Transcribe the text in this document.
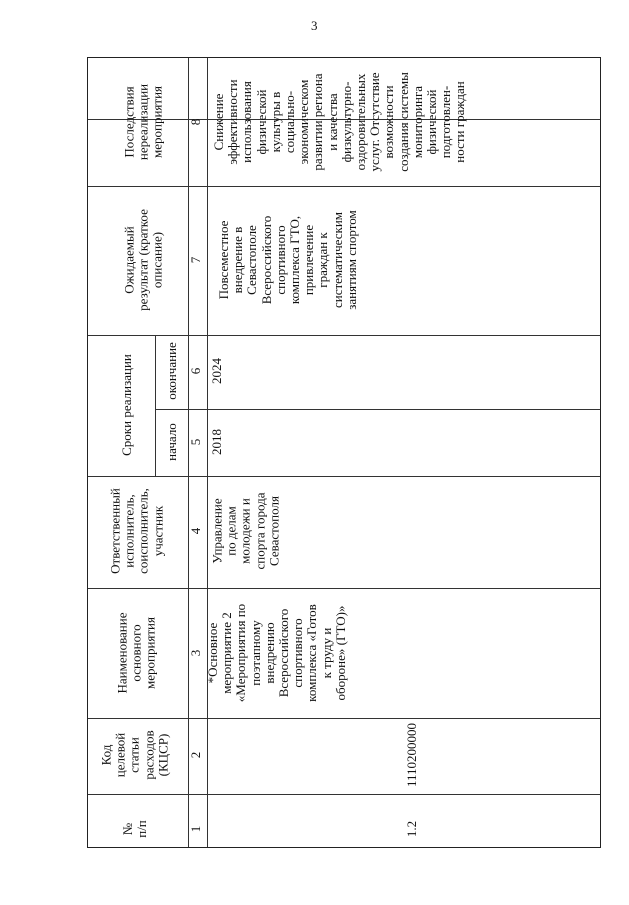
3
Последствия
нереализации
мероприятия
Ожидаемый
результат (краткое
описание)
Сроки реализации окончание
начало
Ответственный
исполнитель,
соисполнитель,
участник
Наименование
основного
мероприятия
Код
целевой
статьи
расходов
(КЦСР)
№
п/п
8
7
6
5
4
3
2
1
Снижение
эффективности
использования
физической
культуры в
социально-
экономическом
развитии региона
и качества
физкультурно-
оздоровительных
услуг. Отсутствие
возможности
создания системы
мониторинга
физической
подготовлен-
ности граждан
Повсеместное
внедрение в
Севастополе
Всероссийского
спортивного
комплекса ГТО,
привлечение
граждан к
систематическим
занятиям спортом
2024
2018
Управление
по делам
молодежи и
спорта города
Севастополя
*Основное
мероприятие 2
«Мероприятия по
поэтапному
внедрению
Всероссийского
спортивного
комплекса «Готов
к труду и
обороне» (ГТО)»
1110200000
1.2
